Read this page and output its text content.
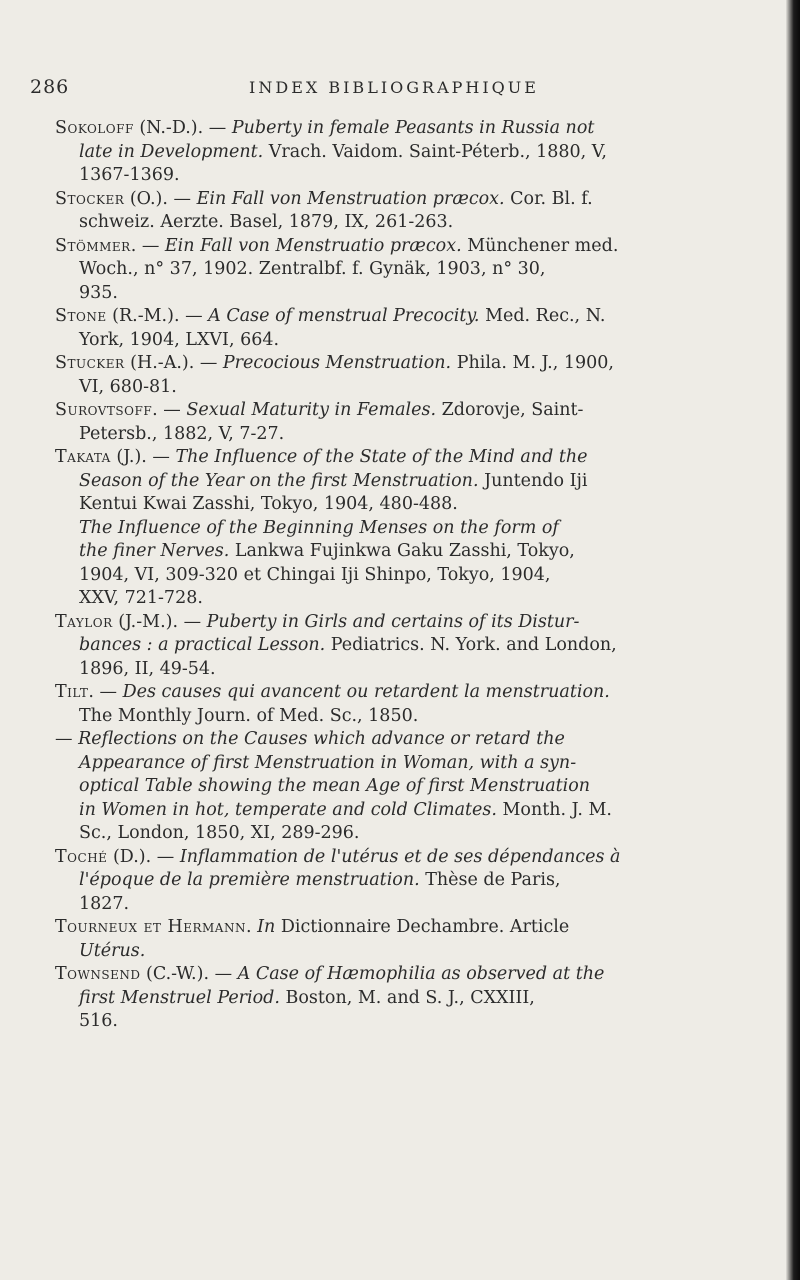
286	INDEX BIBLIOGRAPHIQUE
Sokoloff (N.-D.). — Puberty in female Peasants in Russia not
late in Development. Vrach. Vaidom. Saint-Péterb., 1880, V,
1367-1369.
Stocker (O.). — Ein Fall von Menstruation præcox. Cor. Bl. f.
schweiz. Aerzte. Basel, 1879, IX, 261-263.
Stömmer. — Ein Fall von Menstruatio præcox. Münchener med.
Woch., n° 37, 1902. Zentralbf. f. Gynäk, 1903, n° 30,
935.
Stone (R.-M.). — A Case of menstrual Precocity. Med. Rec., N.
York, 1904, LXVI, 664.
Stucker (H.-A.). — Precocious Menstruation. Phila. M. J., 1900,
VI, 680-81.
Surovtsoff. — Sexual Maturity in Females. Zdorovje, Saint-
Petersb., 1882, V, 7-27.
Takata (J.). — The Influence of the State of the Mind and the
Season of the Year on the first Menstruation. Juntendo Iji
Kentui Kwai Zasshi, Tokyo, 1904, 480-488.
The Influence of the Beginning Menses on the form of
the finer Nerves. Lankwa Fujinkwa Gaku Zasshi, Tokyo,
1904, VI, 309-320 et Chingai Iji Shinpo, Tokyo, 1904,
XXV, 721-728.
Taylor (J.-M.). — Puberty in Girls and certains of its Distur-
bances : a practical Lesson. Pediatrics. N. York. and London,
1896, II, 49-54.
Tilt. — Des causes qui avancent ou retardent la menstruation.
The Monthly Journ. of Med. Sc., 1850.
— Reflections on the Causes which advance or retard the
Appearance of first Menstruation in Woman, with a syn-
optical Table showing the mean Age of first Menstruation
in Women in hot, temperate and cold Climates. Month. J. M.
Sc., London, 1850, XI, 289-296.
Toché (D.). — Inflammation de l'utérus et de ses dépendances à
l'époque de la première menstruation. Thèse de Paris,
1827.
Tourneux et Hermann. In Dictionnaire Dechambre. Article
Utérus.
Townsend (C.-W.). — A Case of Hæmophilia as observed at the
first Menstruel Period. Boston, M. and S. J., CXXIII,
516.
